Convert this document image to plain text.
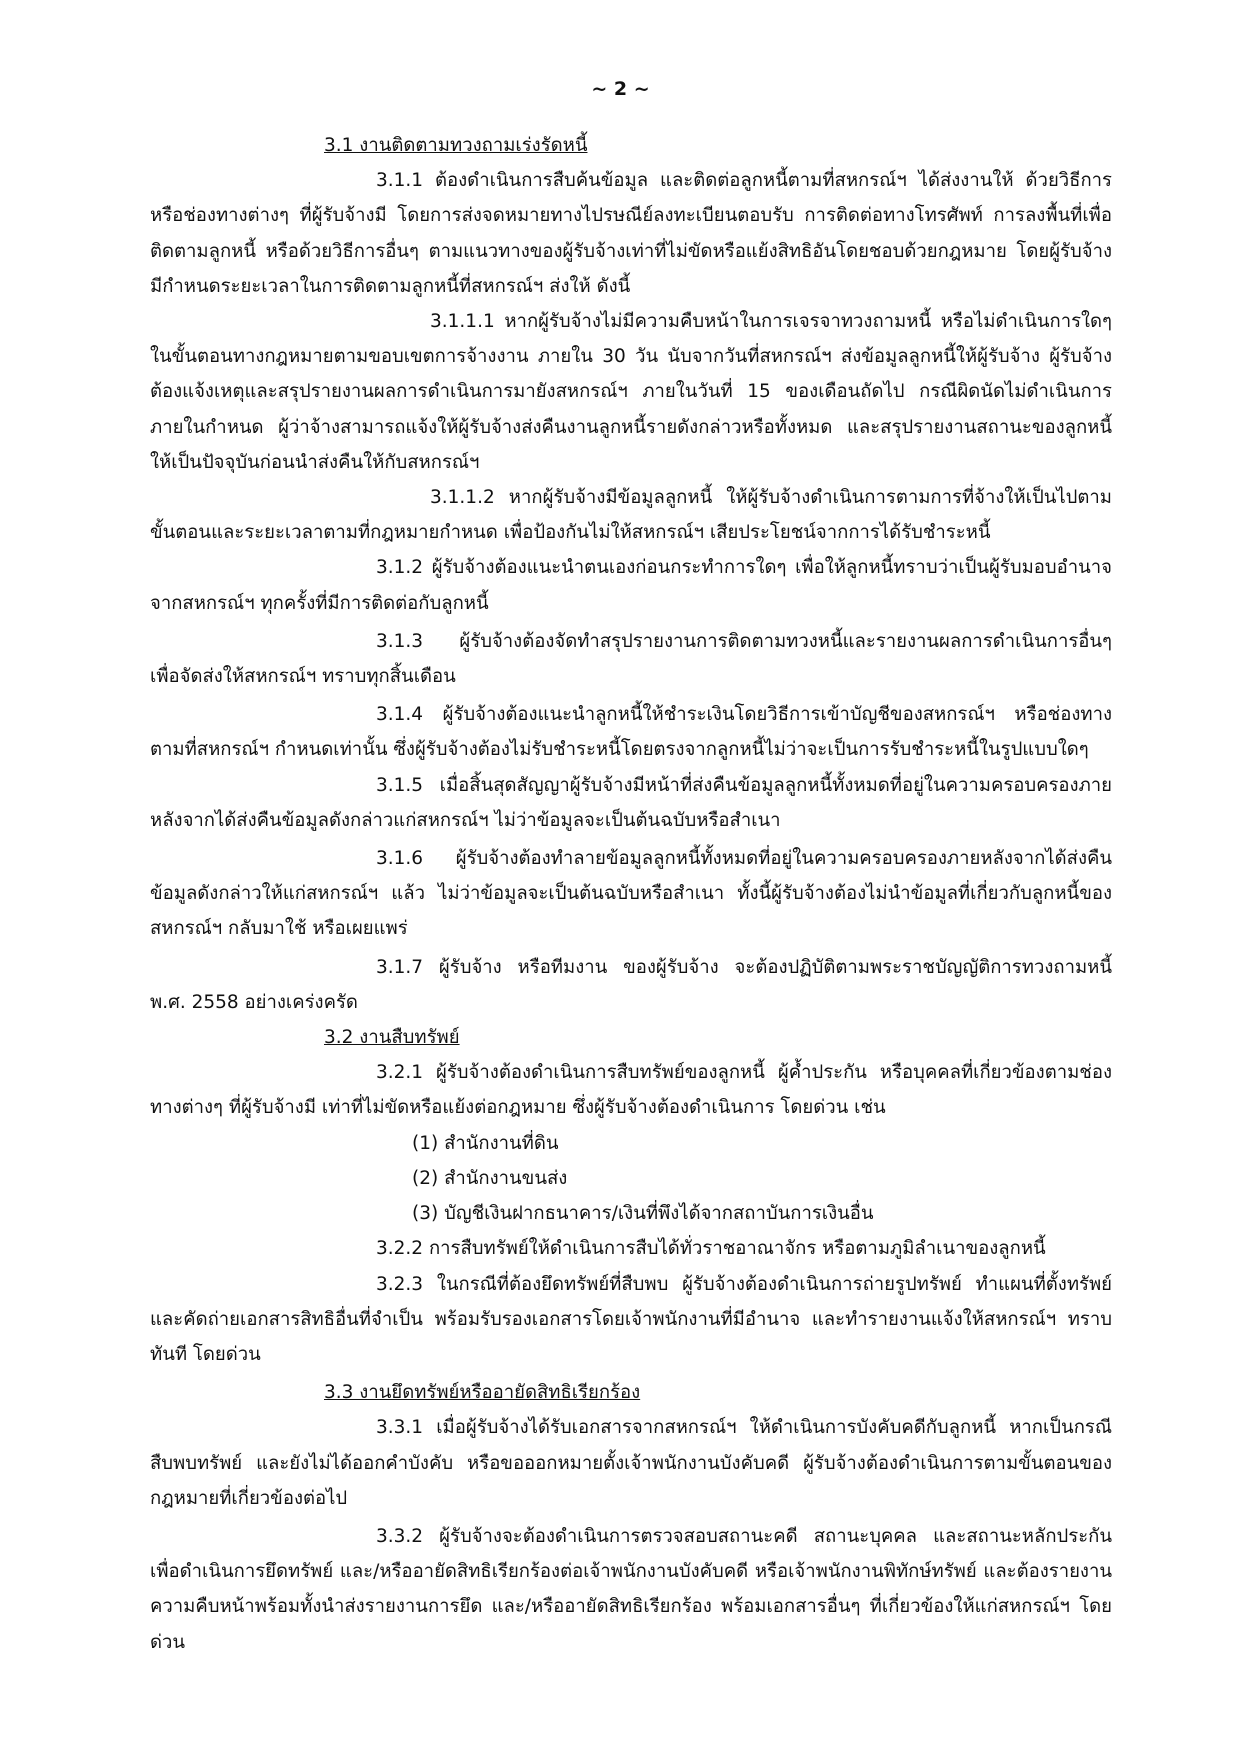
~ 2 ~

3.1 งานติดตามทวงถามเร่งรัดหนี้

3.1.1 ต้องดำเนินการสืบค้นข้อมูล และติดต่อลูกหนี้ตามที่สหกรณ์ฯ ได้ส่งงานให้ ด้วยวิธีการหรือช่องทางต่างๆ ที่ผู้รับจ้างมี โดยการส่งจดหมายทางไปรษณีย์ลงทะเบียนตอบรับ การติดต่อทางโทรศัพท์ การลงพื้นที่เพื่อติดตามลูกหนี้ หรือด้วยวิธีการอื่นๆ ตามแนวทางของผู้รับจ้างเท่าที่ไม่ขัดหรือแย้งสิทธิอันโดยชอบด้วยกฎหมาย โดยผู้รับจ้างมีกำหนดระยะเวลาในการติดตามลูกหนี้ที่สหกรณ์ฯ ส่งให้ ดังนี้

3.1.1.1 หากผู้รับจ้างไม่มีความคืบหน้าในการเจรจาทวงถามหนี้ หรือไม่ดำเนินการใดๆ ในขั้นตอนทางกฎหมายตามขอบเขตการจ้างงาน ภายใน 30 วัน นับจากวันที่สหกรณ์ฯ ส่งข้อมูลลูกหนี้ให้ผู้รับจ้าง ผู้รับจ้างต้องแจ้งเหตุและสรุปรายงานผลการดำเนินการมายังสหกรณ์ฯ ภายในวันที่ 15 ของเดือนถัดไป กรณีผิดนัดไม่ดำเนินการภายในกำหนด ผู้ว่าจ้างสามารถแจ้งให้ผู้รับจ้างส่งคืนงานลูกหนี้รายดังกล่าวหรือทั้งหมด และสรุปรายงานสถานะของลูกหนี้ให้เป็นปัจจุบันก่อนนำส่งคืนให้กับสหกรณ์ฯ

3.1.1.2 หากผู้รับจ้างมีข้อมูลลูกหนี้ ให้ผู้รับจ้างดำเนินการตามการที่จ้างให้เป็นไปตามขั้นตอนและระยะเวลาตามที่กฎหมายกำหนด เพื่อป้องกันไม่ให้สหกรณ์ฯ เสียประโยชน์จากการได้รับชำระหนี้

3.1.2 ผู้รับจ้างต้องแนะนำตนเองก่อนกระทำการใดๆ เพื่อให้ลูกหนี้ทราบว่าเป็นผู้รับมอบอำนาจจากสหกรณ์ฯ ทุกครั้งที่มีการติดต่อกับลูกหนี้

3.1.3 ผู้รับจ้างต้องจัดทำสรุปรายงานการติดตามทวงหนี้และรายงานผลการดำเนินการอื่นๆ เพื่อจัดส่งให้สหกรณ์ฯ ทราบทุกสิ้นเดือน

3.1.4 ผู้รับจ้างต้องแนะนำลูกหนี้ให้ชำระเงินโดยวิธีการเข้าบัญชีของสหกรณ์ฯ หรือช่องทางตามที่สหกรณ์ฯ กำหนดเท่านั้น ซึ่งผู้รับจ้างต้องไม่รับชำระหนี้โดยตรงจากลูกหนี้ไม่ว่าจะเป็นการรับชำระหนี้ในรูปแบบใดๆ

3.1.5 เมื่อสิ้นสุดสัญญาผู้รับจ้างมีหน้าที่ส่งคืนข้อมูลลูกหนี้ทั้งหมดที่อยู่ในความครอบครองภายหลังจากได้ส่งคืนข้อมูลดังกล่าวแก่สหกรณ์ฯ ไม่ว่าข้อมูลจะเป็นต้นฉบับหรือสำเนา

3.1.6 ผู้รับจ้างต้องทำลายข้อมูลลูกหนี้ทั้งหมดที่อยู่ในความครอบครองภายหลังจากได้ส่งคืนข้อมูลดังกล่าวให้แก่สหกรณ์ฯ แล้ว ไม่ว่าข้อมูลจะเป็นต้นฉบับหรือสำเนา ทั้งนี้ผู้รับจ้างต้องไม่นำข้อมูลที่เกี่ยวกับลูกหนี้ของสหกรณ์ฯ กลับมาใช้ หรือเผยแพร่

3.1.7 ผู้รับจ้าง หรือทีมงาน ของผู้รับจ้าง จะต้องปฏิบัติตามพระราชบัญญัติการทวงถามหนี้ พ.ศ. 2558 อย่างเคร่งครัด

3.2 งานสืบทรัพย์

3.2.1 ผู้รับจ้างต้องดำเนินการสืบทรัพย์ของลูกหนี้ ผู้ค้ำประกัน หรือบุคคลที่เกี่ยวข้องตามช่องทางต่างๆ ที่ผู้รับจ้างมี เท่าที่ไม่ขัดหรือแย้งต่อกฎหมาย ซึ่งผู้รับจ้างต้องดำเนินการ โดยด่วน เช่น

(1) สำนักงานที่ดิน

(2) สำนักงานขนส่ง

(3) บัญชีเงินฝากธนาคาร/เงินที่พึงได้จากสถาบันการเงินอื่น

3.2.2 การสืบทรัพย์ให้ดำเนินการสืบได้ทั่วราชอาณาจักร หรือตามภูมิลำเนาของลูกหนี้

3.2.3 ในกรณีที่ต้องยึดทรัพย์ที่สืบพบ ผู้รับจ้างต้องดำเนินการถ่ายรูปทรัพย์ ทำแผนที่ตั้งทรัพย์และคัดถ่ายเอกสารสิทธิอื่นที่จำเป็น พร้อมรับรองเอกสารโดยเจ้าพนักงานที่มีอำนาจ และทำรายงานแจ้งให้สหกรณ์ฯ ทราบทันที โดยด่วน

3.3 งานยึดทรัพย์หรืออายัดสิทธิเรียกร้อง

3.3.1 เมื่อผู้รับจ้างได้รับเอกสารจากสหกรณ์ฯ ให้ดำเนินการบังคับคดีกับลูกหนี้ หากเป็นกรณีสืบพบทรัพย์ และยังไม่ได้ออกคำบังคับ หรือขอออกหมายตั้งเจ้าพนักงานบังคับคดี ผู้รับจ้างต้องดำเนินการตามขั้นตอนของกฎหมายที่เกี่ยวข้องต่อไป

3.3.2 ผู้รับจ้างจะต้องดำเนินการตรวจสอบสถานะคดี สถานะบุคคล และสถานะหลักประกัน เพื่อดำเนินการยึดทรัพย์ และ/หรืออายัดสิทธิเรียกร้องต่อเจ้าพนักงานบังคับคดี หรือเจ้าพนักงานพิทักษ์ทรัพย์ และต้องรายงานความคืบหน้าพร้อมทั้งนำส่งรายงานการยึด และ/หรืออายัดสิทธิเรียกร้อง พร้อมเอกสารอื่นๆ ที่เกี่ยวข้องให้แก่สหกรณ์ฯ โดยด่วน
